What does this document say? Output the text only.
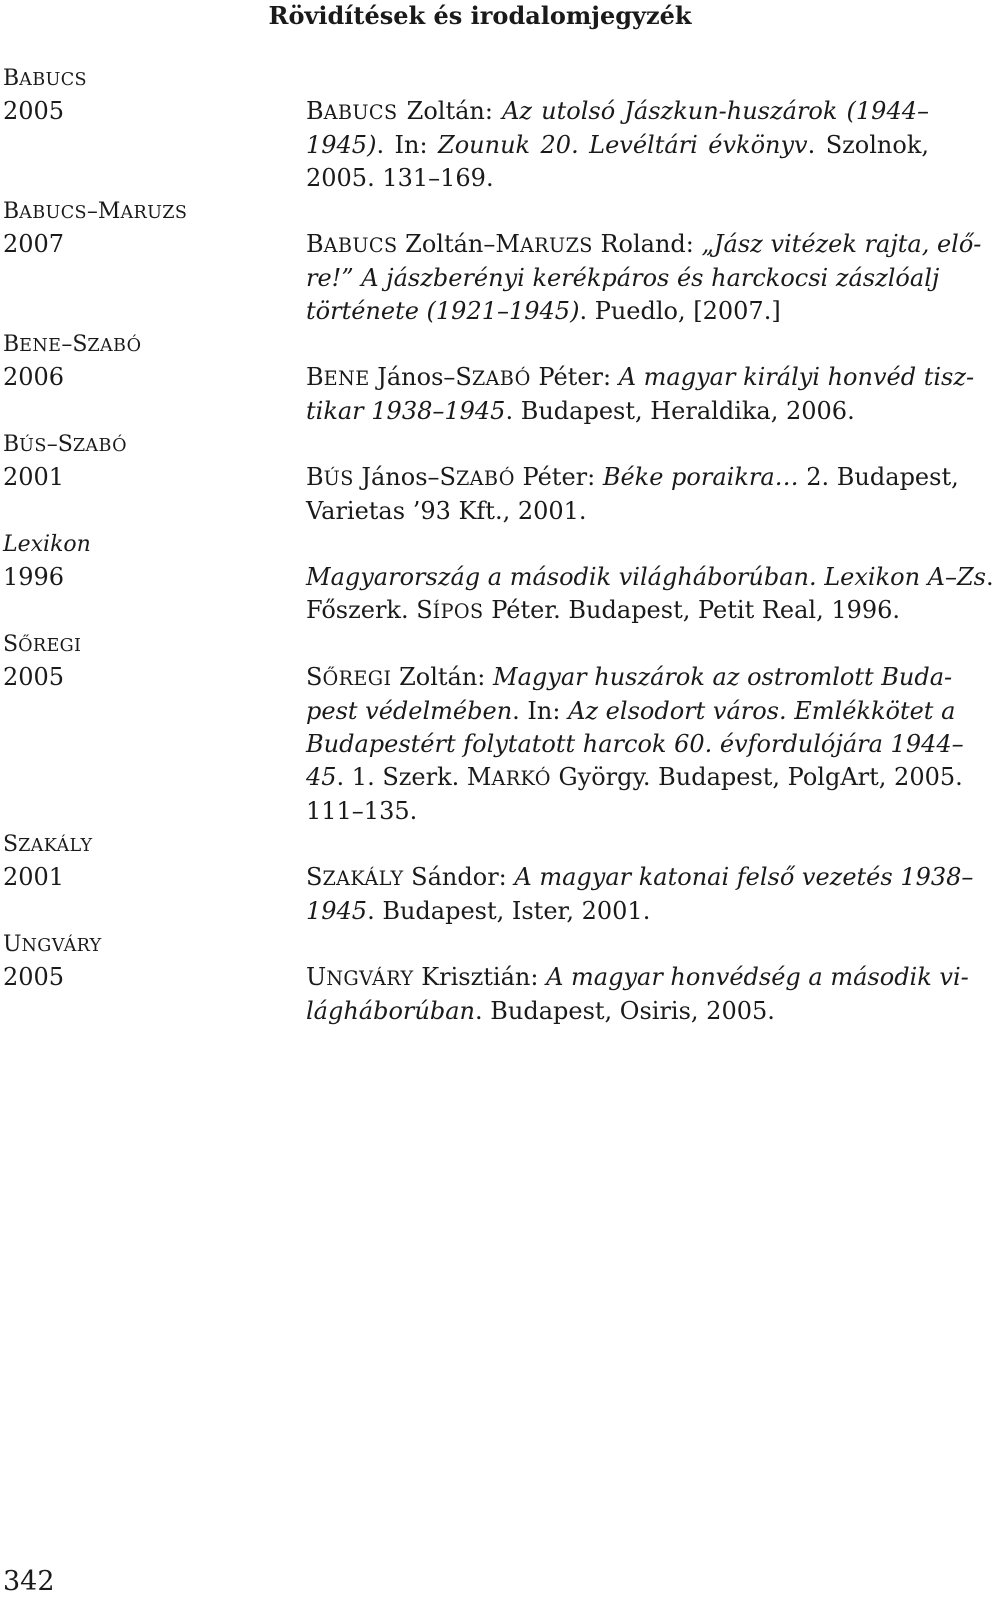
Rövidítések és irodalomjegyzék
BABUCS
2005	BABUCS Zoltán: Az utolsó Jászkun-huszárok (1944–

1945). In: Zounuk 20. Levéltári évkönyv. Szolnok,

2005. 131–169.

BABUCS–MARUZS
2007	BABUCS Zoltán–MARUZS Roland: „Jász vitézek rajta, elő-

re!” A jászberényi kerékpáros és harckocsi zászlóalj

története (1921–1945). Puedlo, [2007.]

BENE–SZABÓ
2006	BENE János–SZABÓ Péter: A magyar királyi honvéd tisz-

tikar 1938–1945. Budapest, Heraldika, 2006.

BÚS–SZABÓ
2001	BÚS János–SZABÓ Péter: Béke poraikra… 2. Budapest,

Varietas ’93 Kft., 2001.

Lexikon
1996	Magyarország a második világháborúban. Lexikon A–Zs.

Főszerk. SÍPOS Péter. Budapest, Petit Real, 1996.

SŐREGI
2005	SŐREGI Zoltán: Magyar huszárok az ostromlott Buda-

pest védelmében. In: Az elsodort város. Emlékkötet a

Budapestért folytatott harcok 60. évfordulójára 1944–

45. 1. Szerk. MARKÓ György. Budapest, PolgArt, 2005.

111–135.

SZAKÁLY
2001	SZAKÁLY Sándor: A magyar katonai felső vezetés 1938–

1945. Budapest, Ister, 2001.

UNGVÁRY
2005	UNGVÁRY Krisztián: A magyar honvédség a második vi-

lágháborúban. Budapest, Osiris, 2005.

342
